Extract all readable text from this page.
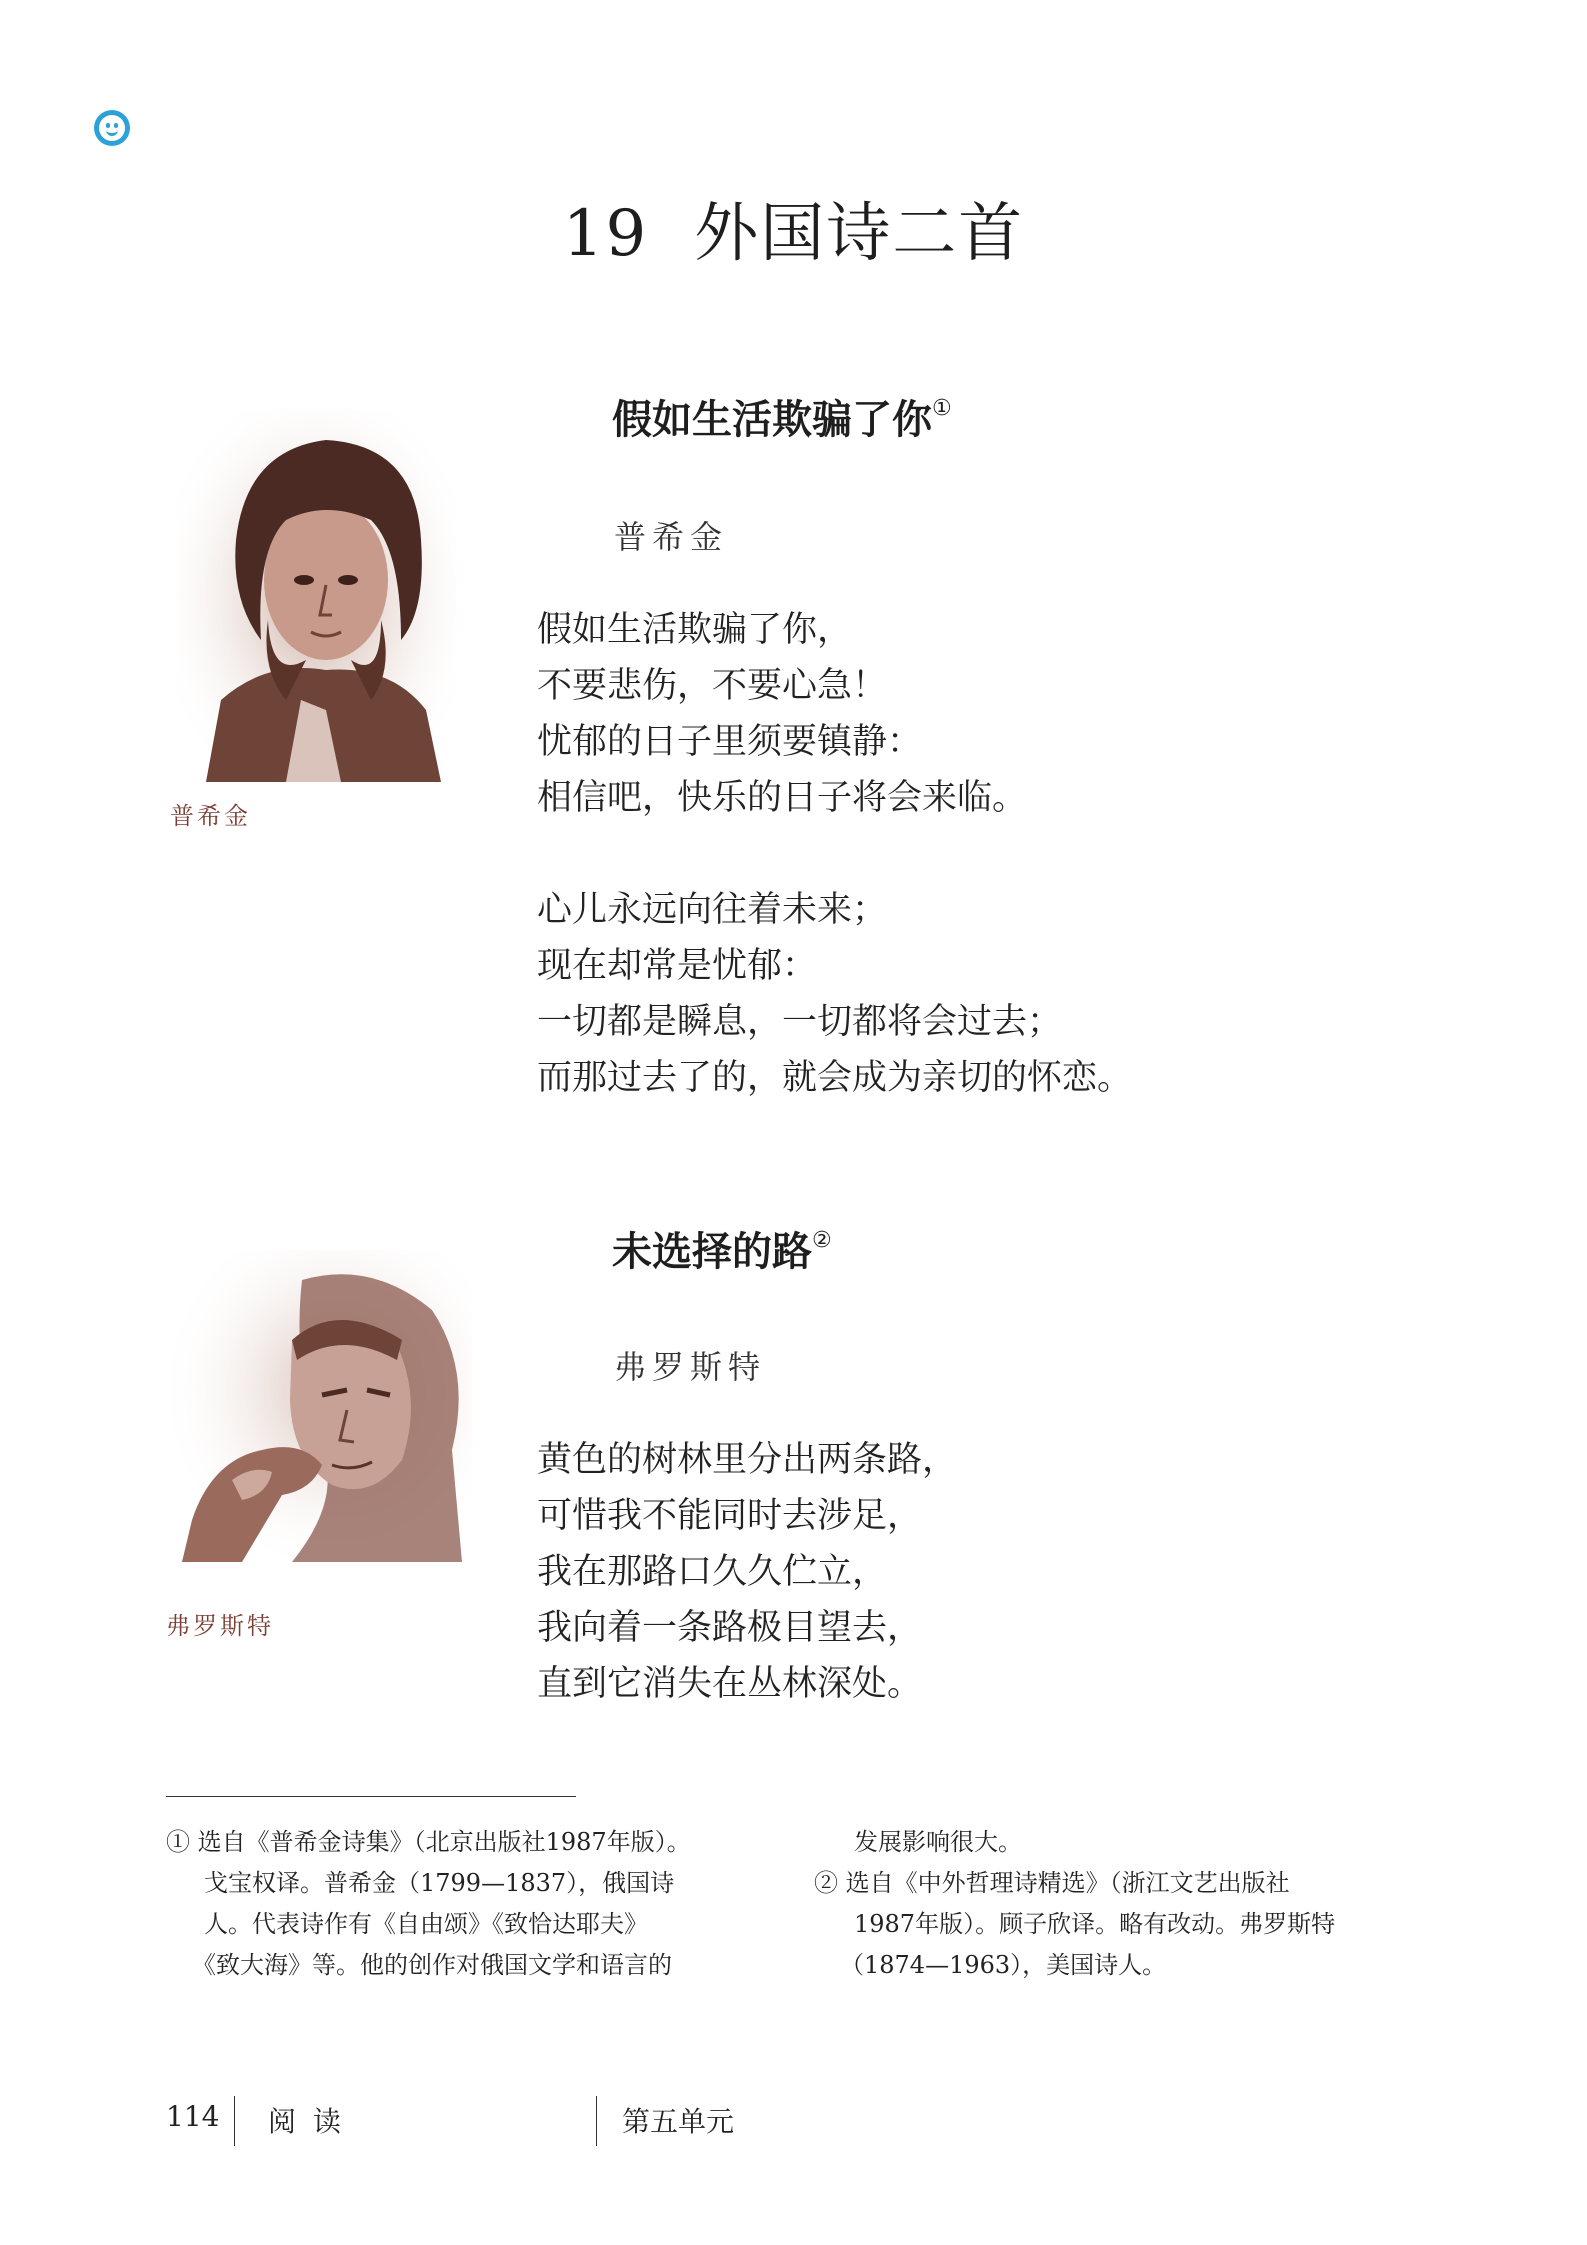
19 外国诗二首
假如生活欺骗了你①
普希金
普希金
假如生活欺骗了你，
不要悲伤，不要心急！
忧郁的日子里须要镇静：
相信吧，快乐的日子将会来临。
心儿永远向往着未来；
现在却常是忧郁：
一切都是瞬息，一切都将会过去；
而那过去了的，就会成为亲切的怀恋。
未选择的路②
弗罗斯特
弗罗斯特
黄色的树林里分出两条路，
可惜我不能同时去涉足，
我在那路口久久伫立，
我向着一条路极目望去，
直到它消失在丛林深处。
① 选自《普希金诗集》（北京出版社1987年版）。
戈宝权译。普希金（1799—1837），俄国诗
人。代表诗作有《自由颂》《致恰达耶夫》
《致大海》等。他的创作对俄国文学和语言的
发展影响很大。
② 选自《中外哲理诗精选》（浙江文艺出版社
1987年版）。顾子欣译。略有改动。弗罗斯特
（1874—1963），美国诗人。
114 阅 读	第五单元
